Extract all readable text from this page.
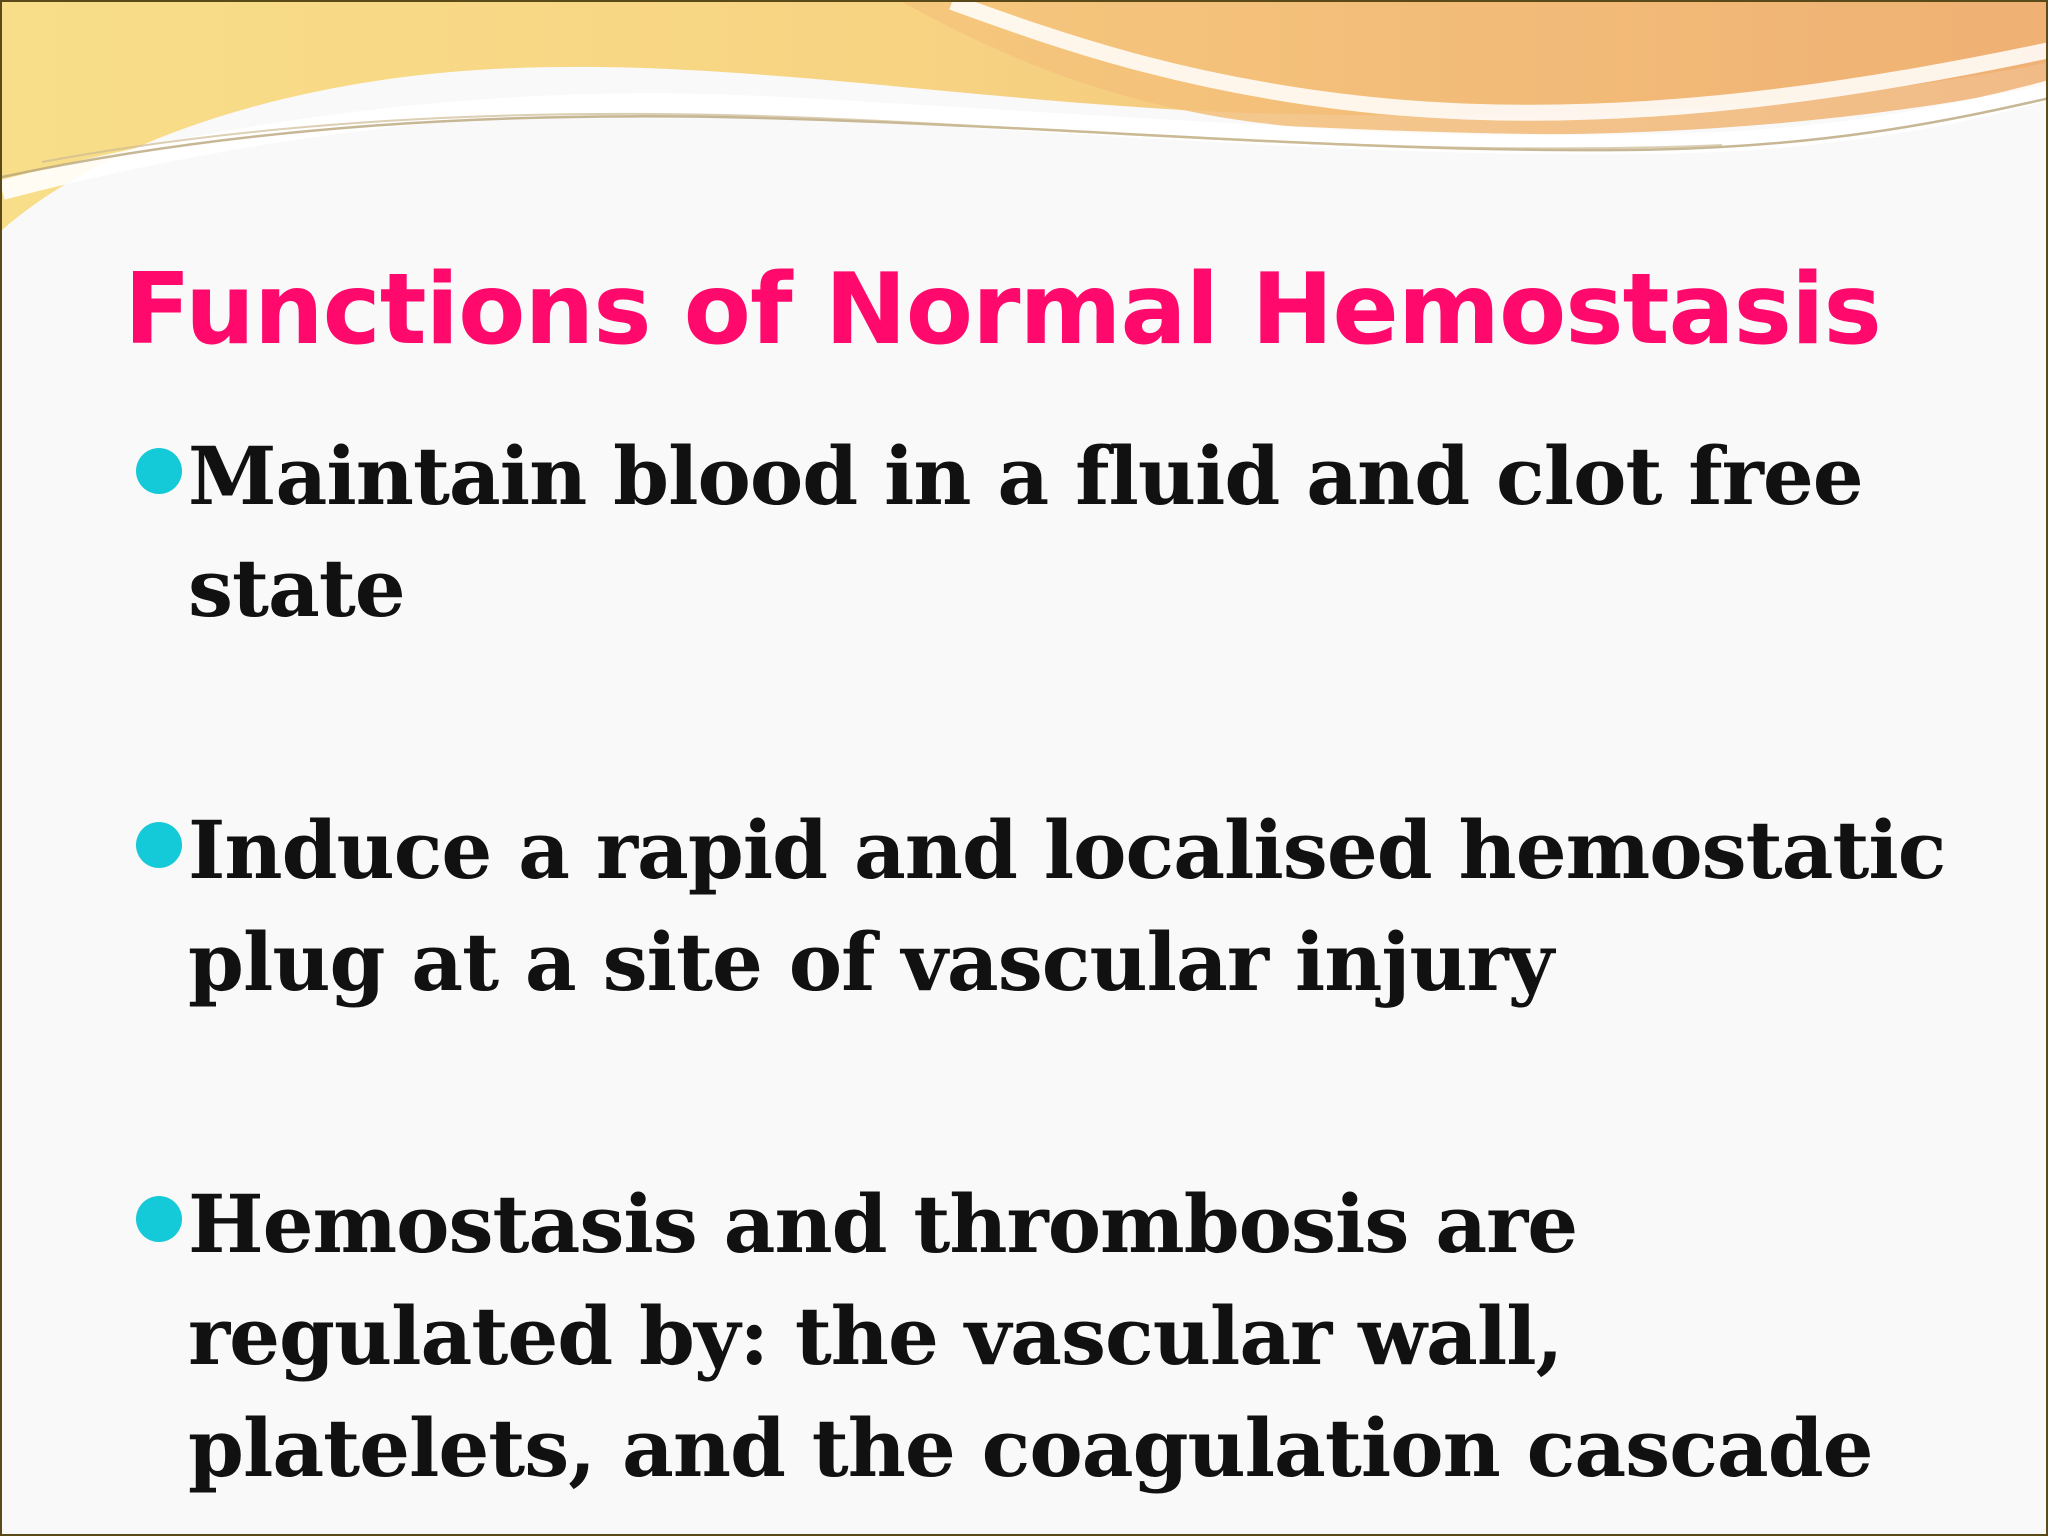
Functions of Normal Hemostasis
Maintain blood in a fluid and clot free state
Induce a rapid and localised hemostatic plug at a site of vascular injury
Hemostasis and thrombosis are regulated by: the vascular wall, platelets, and the coagulation cascade
